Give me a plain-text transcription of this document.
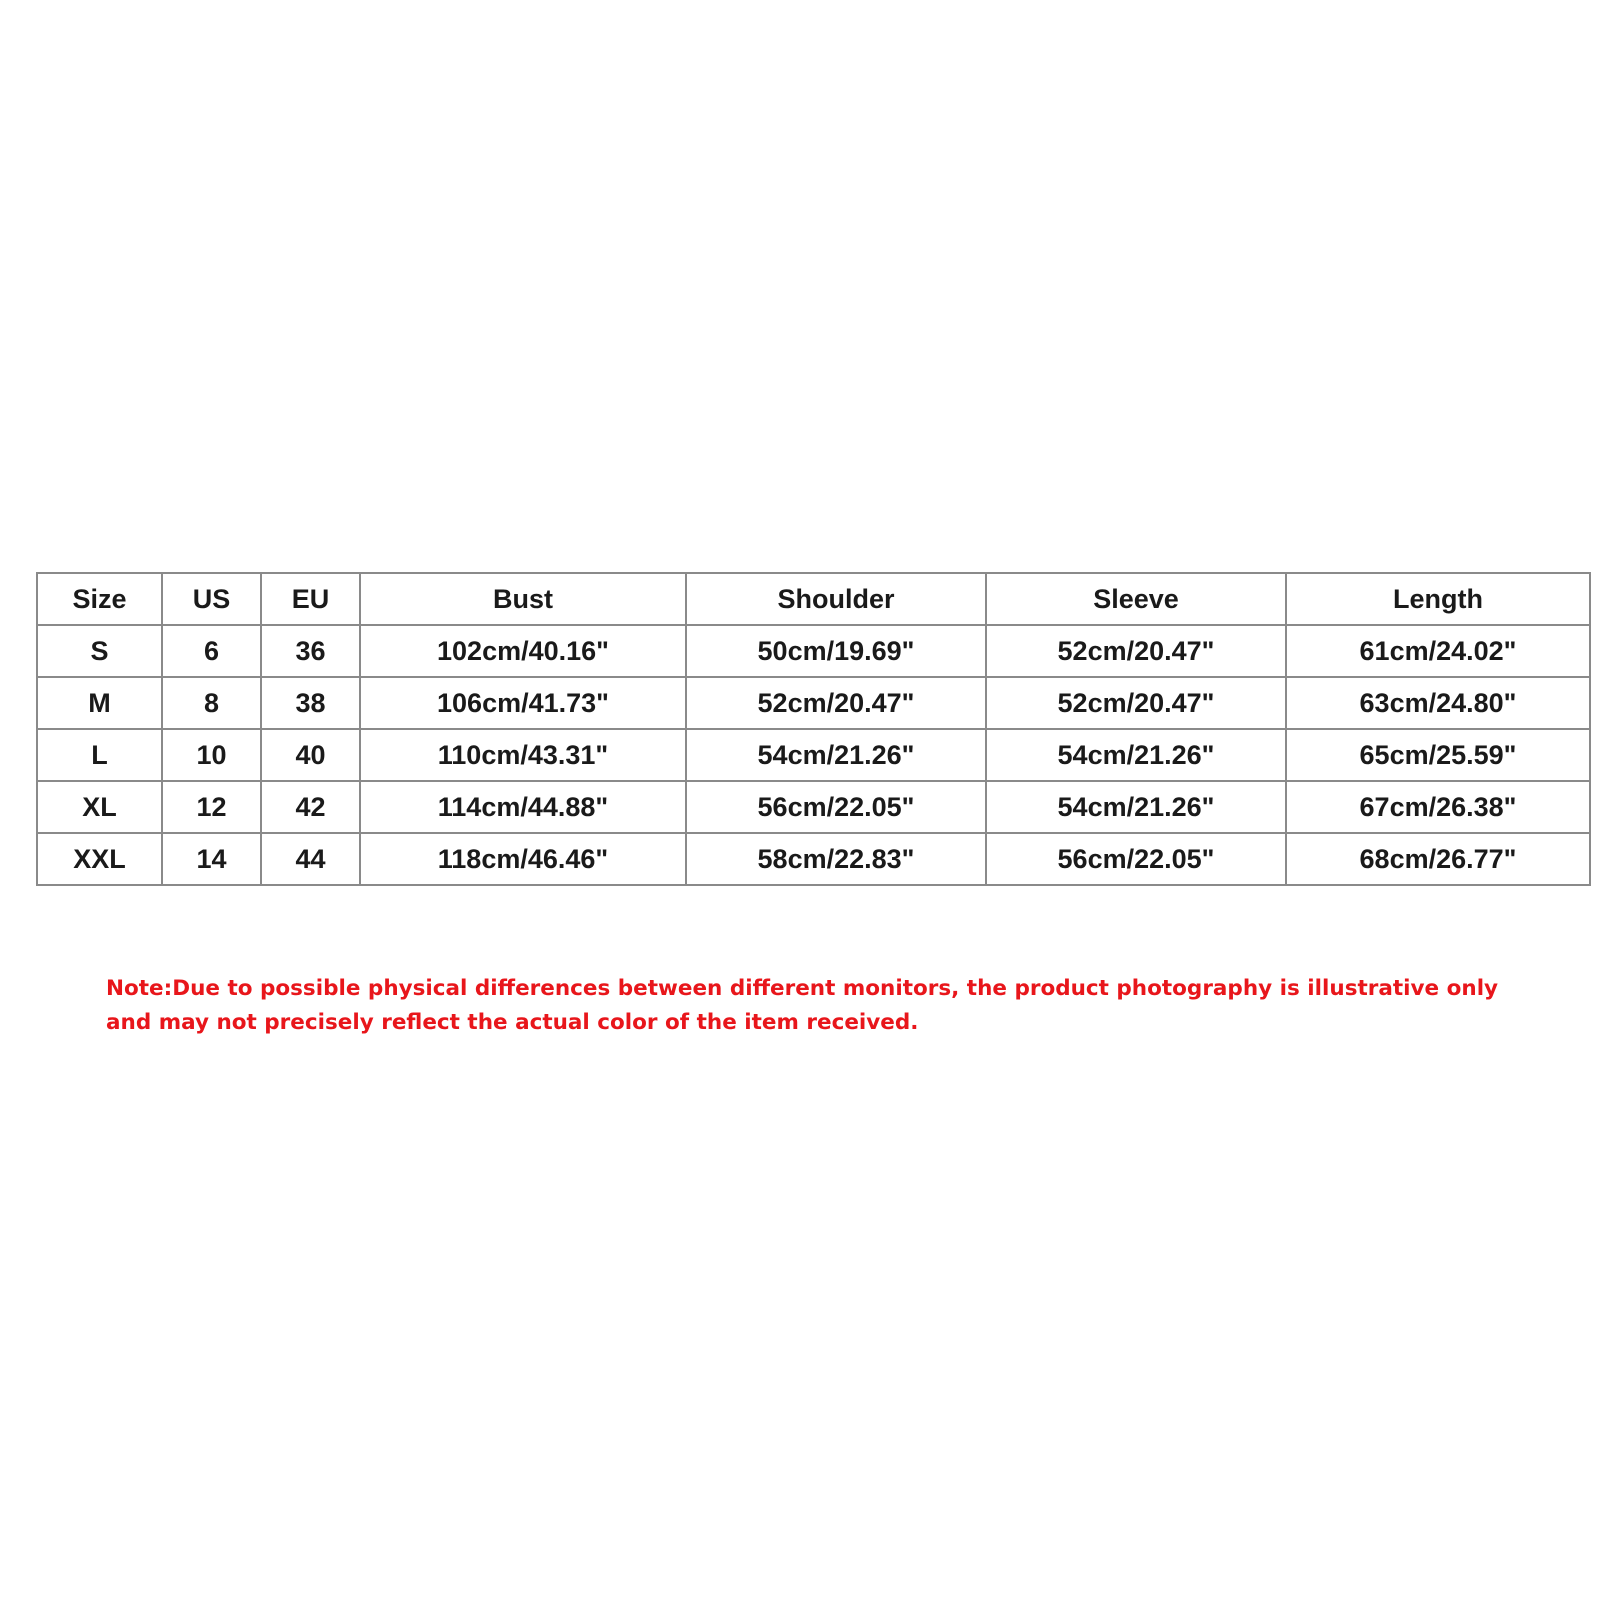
Size	US	EU	Bust	Shoulder	Sleeve	Length
S	6	36	102cm/40.16"	50cm/19.69"	52cm/20.47"	61cm/24.02"
M	8	38	106cm/41.73"	52cm/20.47"	52cm/20.47"	63cm/24.80"
L	10	40	110cm/43.31"	54cm/21.26"	54cm/21.26"	65cm/25.59"
XL	12	42	114cm/44.88"	56cm/22.05"	54cm/21.26"	67cm/26.38"
XXL	14	44	118cm/46.46"	58cm/22.83"	56cm/22.05"	68cm/26.77"

Note:Due to possible physical differences between different monitors, the product photography is illustrative only and may not precisely reflect the actual color of the item received.
